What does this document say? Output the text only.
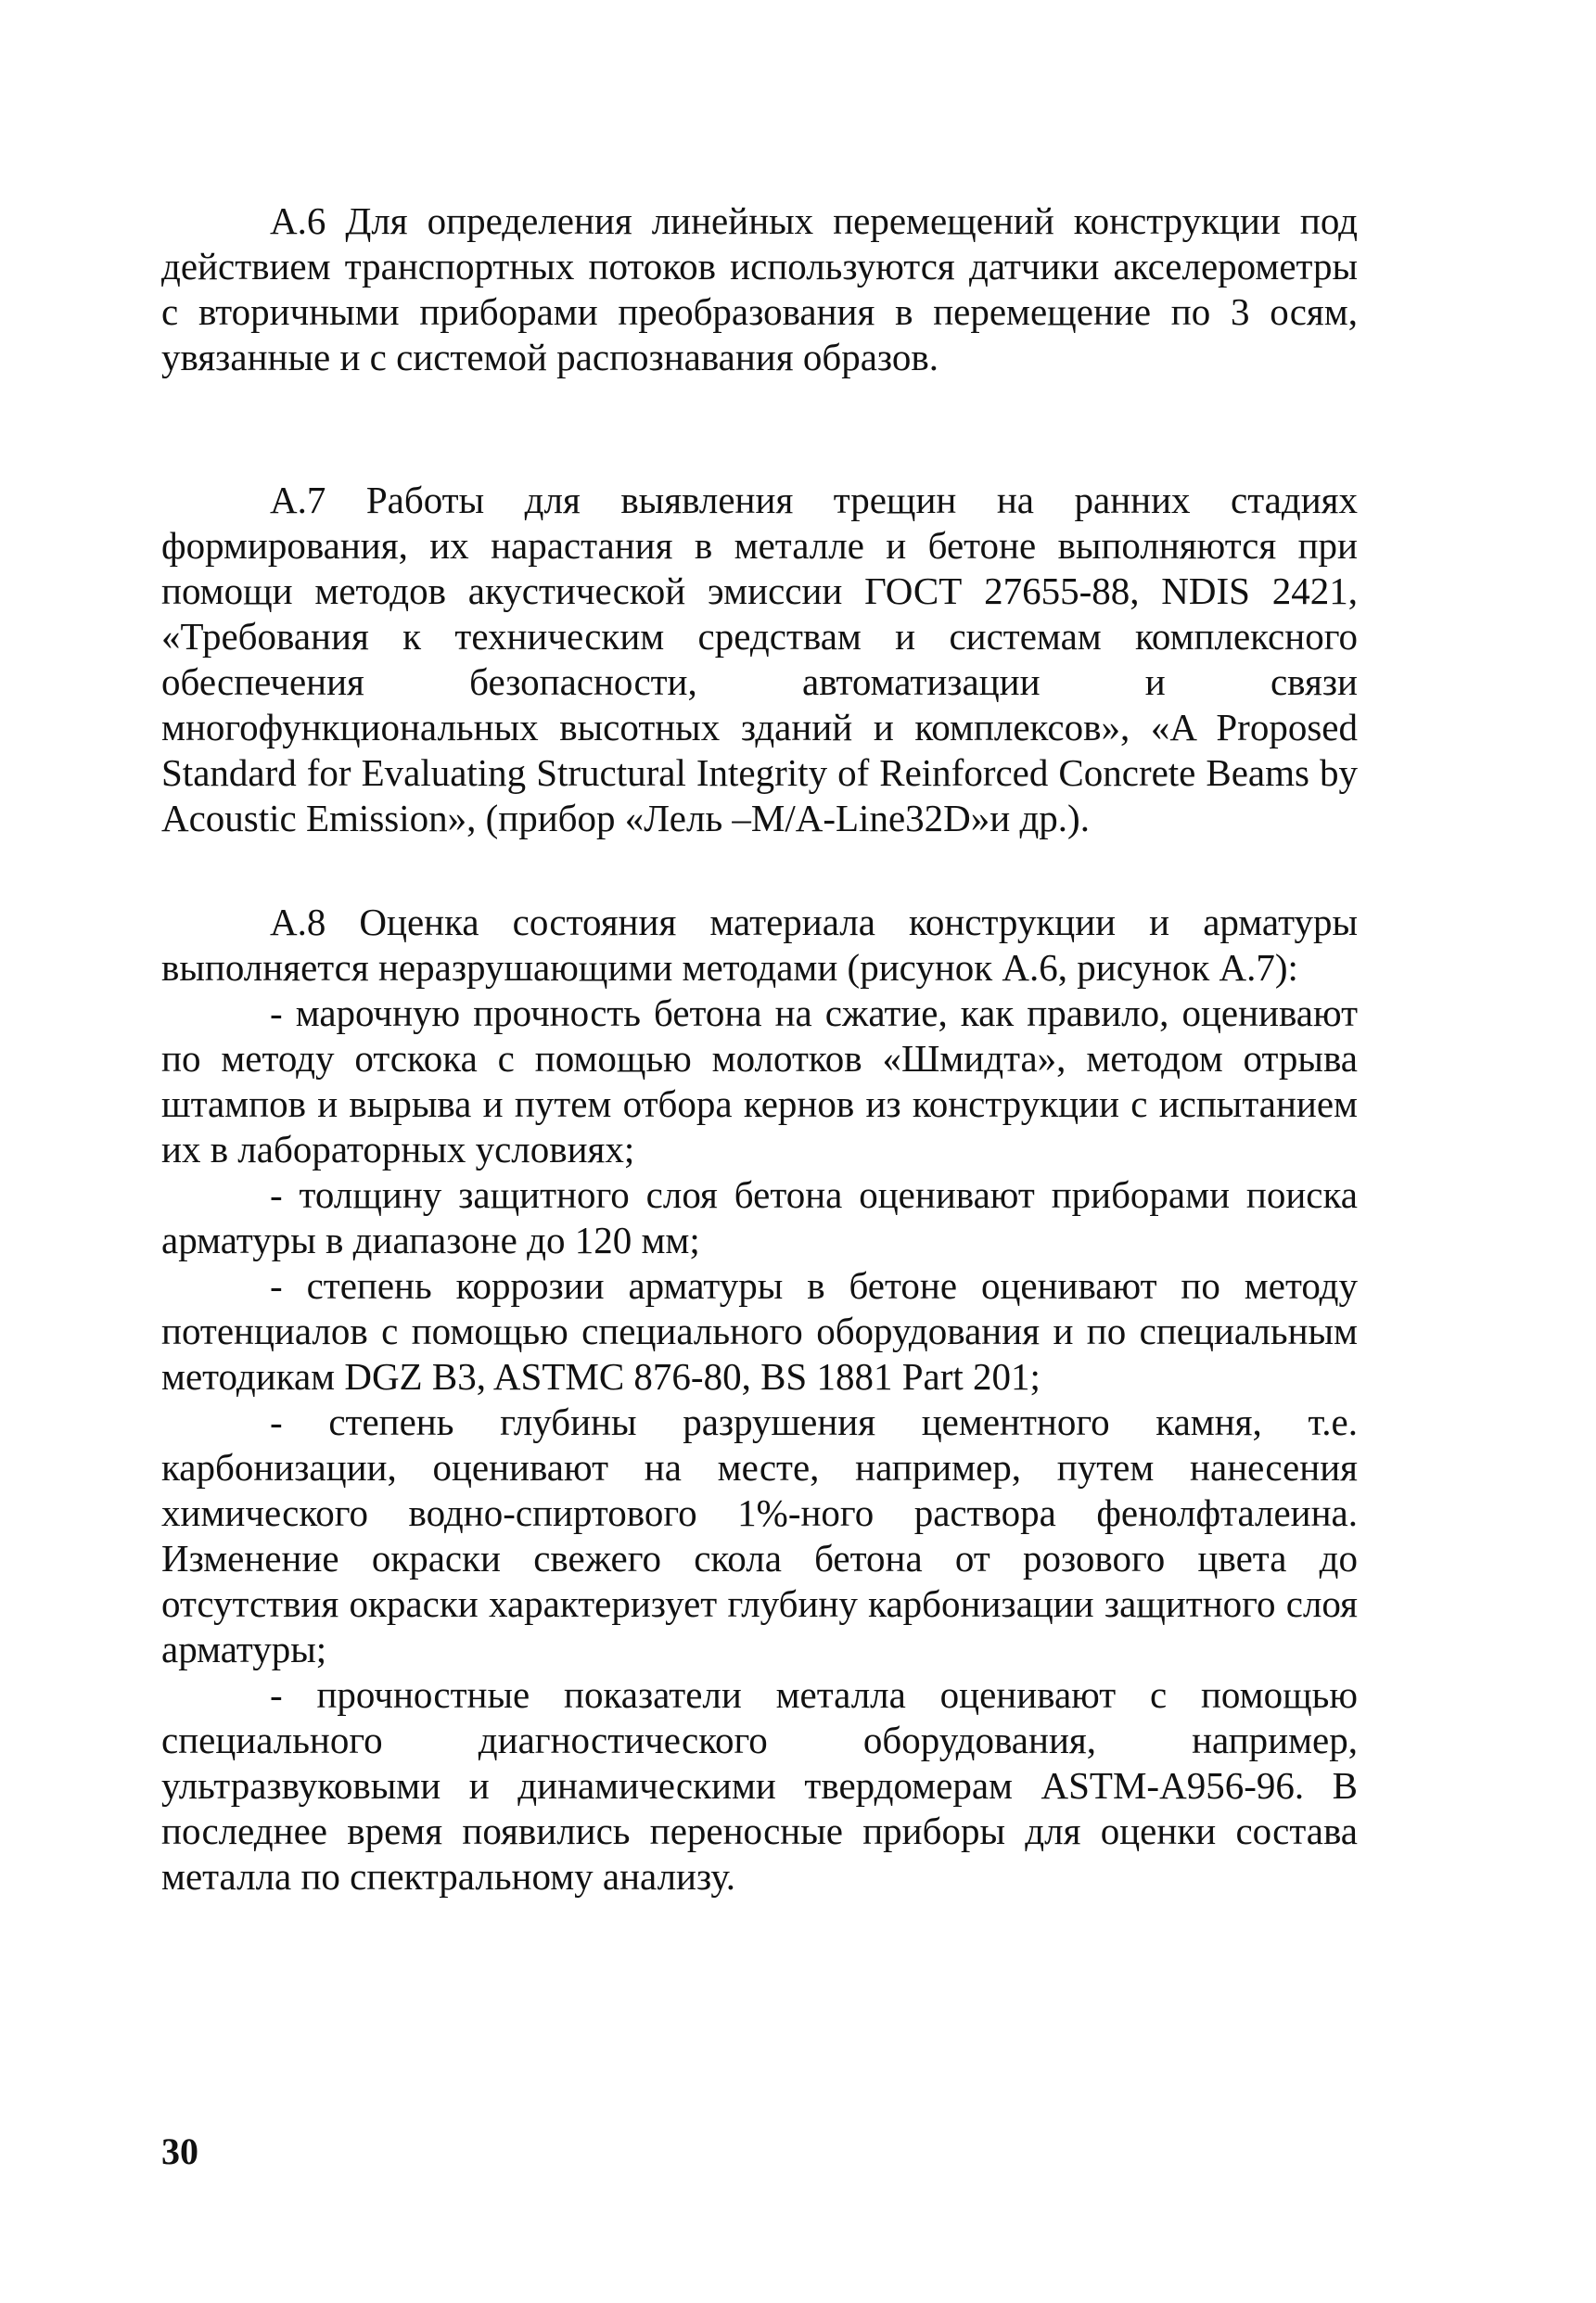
А.6 Для определения линейных перемещений конструкции под действием транспортных потоков используются датчики акселерометры с вторичными приборами преобразования в перемещение по 3 осям, увязанные и с системой распознавания образов.

А.7 Работы для выявления трещин на ранних стадиях формирования, их нарастания в металле и бетоне выполняются при помощи методов акустической эмиссии ГОСТ 27655-88, NDIS 2421, «Требования к техническим средствам и системам комплексного обеспечения безопасности, автоматизации и связи многофункциональных высотных зданий и комплексов», «A Proposed Standard for Evaluating Structural Integrity of Reinforced Concrete Beams by Acoustic Emission», (прибор «Лель –M/A-Line32D»и др.).

А.8 Оценка состояния материала конструкции и арматуры выполняется неразрушающими методами (рисунок А.6, рисунок А.7):

- марочную прочность бетона на сжатие, как правило, оценивают по методу отскока с помощью молотков «Шмидта», методом отрыва штампов и вырыва и путем отбора кернов из конструкции с испытанием их в лабораторных условиях;

- толщину защитного слоя бетона оценивают приборами поиска арматуры в диапазоне до 120 мм;

- степень коррозии арматуры в бетоне оценивают по методу потенциалов с помощью специального оборудования и по специальным методикам DGZ B3, ASTMC 876-80, BS 1881 Part 201;

- степень глубины разрушения цементного камня, т.е. карбонизации, оценивают на месте, например, путем нанесения химического водно-спиртового 1%-ного раствора фенолфталеина. Изменение окраски свежего скола бетона от розового цвета до отсутствия окраски характеризует глубину карбонизации защитного слоя арматуры;

- прочностные показатели металла оценивают с помощью специального диагностического оборудования, например, ультразвуковыми и динамическими твердомерам ASTM-A956-96. В последнее время появились переносные приборы для оценки состава металла по спектральному анализу.

30
